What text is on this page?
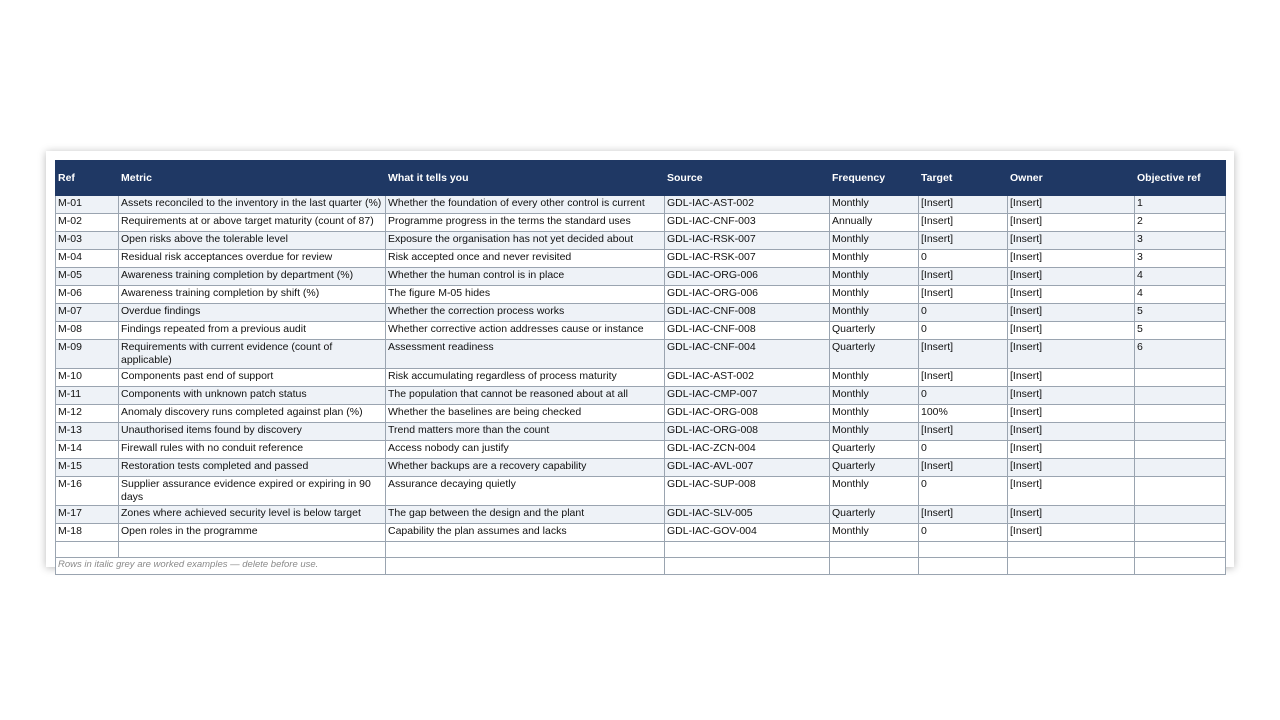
Ref	Metric	What it tells you	Source	Frequency	Target	Owner	Objective ref
M-01	Assets reconciled to the inventory in the last quarter (%)	Whether the foundation of every other control is current	GDL-IAC-AST-002	Monthly	[Insert]	[Insert]	1
M-02	Requirements at or above target maturity (count of 87)	Programme progress in the terms the standard uses	GDL-IAC-CNF-003	Annually	[Insert]	[Insert]	2
M-03	Open risks above the tolerable level	Exposure the organisation has not yet decided about	GDL-IAC-RSK-007	Monthly	[Insert]	[Insert]	3
M-04	Residual risk acceptances overdue for review	Risk accepted once and never revisited	GDL-IAC-RSK-007	Monthly	0	[Insert]	3
M-05	Awareness training completion by department (%)	Whether the human control is in place	GDL-IAC-ORG-006	Monthly	[Insert]	[Insert]	4
M-06	Awareness training completion by shift (%)	The figure M-05 hides	GDL-IAC-ORG-006	Monthly	[Insert]	[Insert]	4
M-07	Overdue findings	Whether the correction process works	GDL-IAC-CNF-008	Monthly	0	[Insert]	5
M-08	Findings repeated from a previous audit	Whether corrective action addresses cause or instance	GDL-IAC-CNF-008	Quarterly	0	[Insert]	5
M-09	Requirements with current evidence (count of applicable)	Assessment readiness	GDL-IAC-CNF-004	Quarterly	[Insert]	[Insert]	6
M-10	Components past end of support	Risk accumulating regardless of process maturity	GDL-IAC-AST-002	Monthly	[Insert]	[Insert]	
M-11	Components with unknown patch status	The population that cannot be reasoned about at all	GDL-IAC-CMP-007	Monthly	0	[Insert]	
M-12	Anomaly discovery runs completed against plan (%)	Whether the baselines are being checked	GDL-IAC-ORG-008	Monthly	100%	[Insert]	
M-13	Unauthorised items found by discovery	Trend matters more than the count	GDL-IAC-ORG-008	Monthly	[Insert]	[Insert]	
M-14	Firewall rules with no conduit reference	Access nobody can justify	GDL-IAC-ZCN-004	Quarterly	0	[Insert]	
M-15	Restoration tests completed and passed	Whether backups are a recovery capability	GDL-IAC-AVL-007	Quarterly	[Insert]	[Insert]	
M-16	Supplier assurance evidence expired or expiring in 90 days	Assurance decaying quietly	GDL-IAC-SUP-008	Monthly	0	[Insert]	
M-17	Zones where achieved security level is below target	The gap between the design and the plant	GDL-IAC-SLV-005	Quarterly	[Insert]	[Insert]	
M-18	Open roles in the programme	Capability the plan assumes and lacks	GDL-IAC-GOV-004	Monthly	0	[Insert]	

Rows in italic grey are worked examples — delete before use.							
